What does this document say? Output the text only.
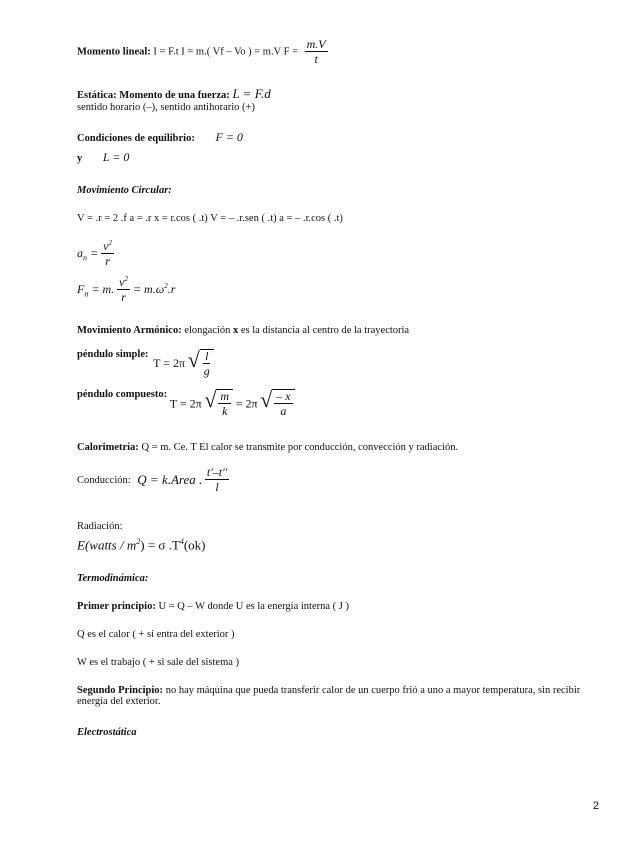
Momento lineal: I = F.t I = m.( Vf – Vo ) = m.V $F = \frac{m.V}{t}$
Estática: Momento de una fuerza: L = F.d
sentido horario (–), sentido antihorario (+)
Condiciones de equilibrio: F = 0
y L = 0
Movimiento Circular:
V = .r = 2 .f a = .r x = r.cos ( .t) V = – .r.sen ( .t) a = – .r.cos ( .t)
$a_n = \frac{v^2}{r}$
$F_n = m$. $\frac{v^2}{r} = m.\omega^2.r$
Movimiento Armónico: elongación x es la distancia al centro de la trayectoria
péndulo simple: T = 2π √ $\frac{l}{g}$
péndulo compuesto: T = 2π √ $\frac{m}{k} = 2\pi$ √ $\frac{- x}{a}$
Calorimetría: Q = m. Ce. T El calor se transmite por conducción, convección y radiación.
Conducción: Q = k.Area . $\frac{t'-t''}{l}$
Radiación:
E(watts / $m^2) = \sigma$ $.T^4(ok)$
Termodinámica:
Primer principio: U = Q – W donde U es la energía interna ( J )
Q es el calor ( + si entra del exterior )
W es el trabajo ( + si sale del sistema )
Segundo Principio: no hay máquina que pueda transferir calor de un cuerpo frió a uno a mayor temperatura, sin recibir energía del exterior.
Electrostática
2
